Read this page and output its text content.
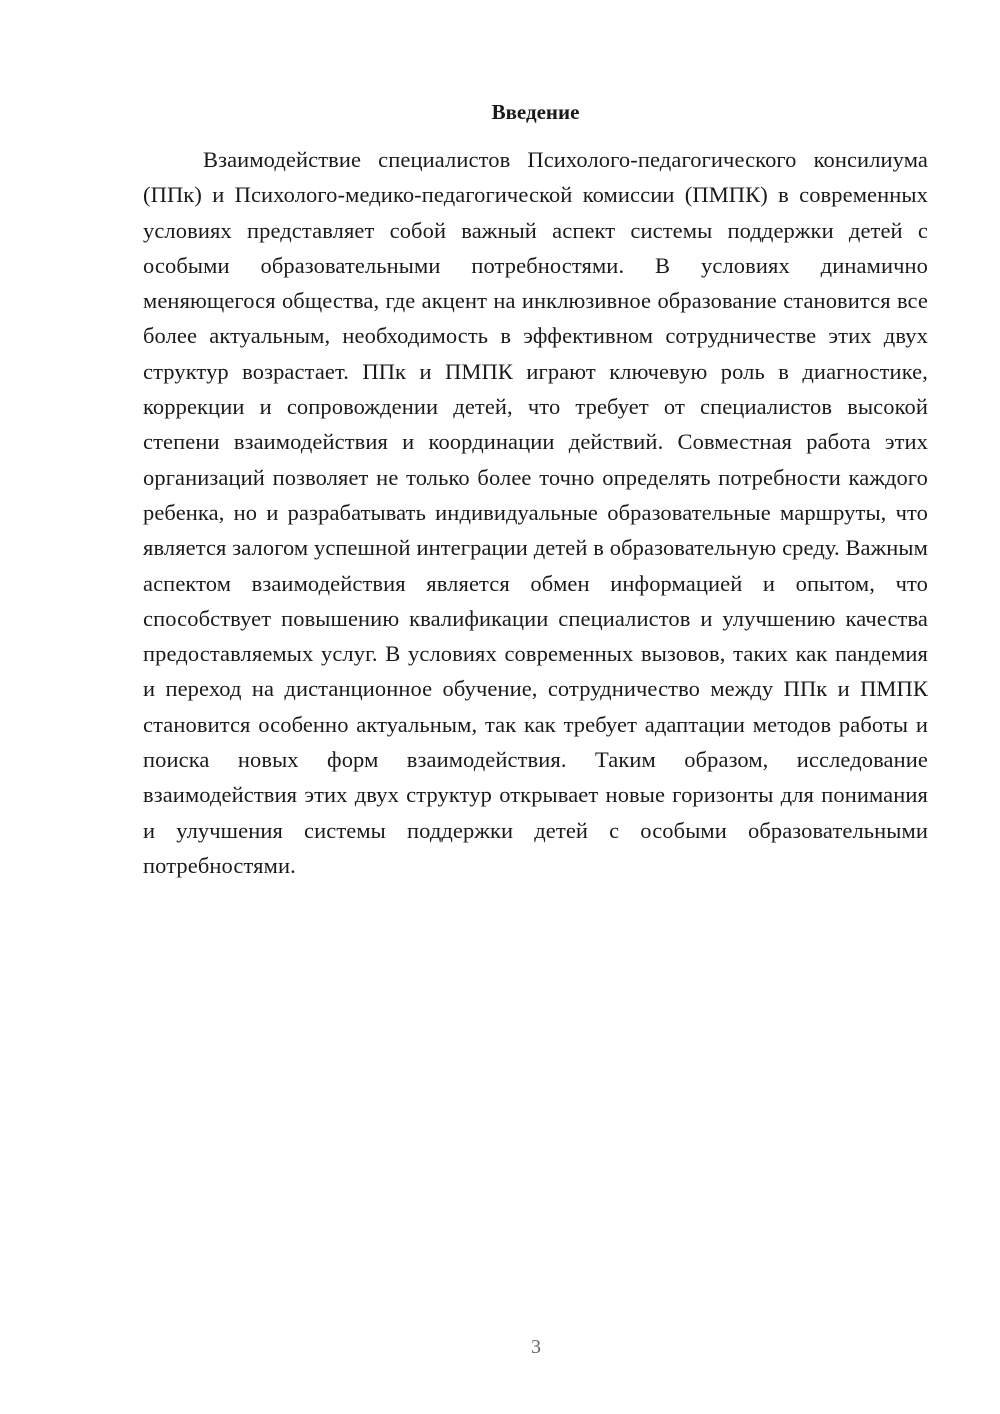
Введение

Взаимодействие специалистов Психолого-педагогического консилиума (ППк) и Психолого-медико-педагогической комиссии (ПМПК) в современных условиях представляет собой важный аспект системы поддержки детей с особыми образовательными потребностями. В условиях динамично меняющегося общества, где акцент на инклюзивное образование становится все более актуальным, необходимость в эффективном сотрудничестве этих двух структур возрастает. ППк и ПМПК играют ключевую роль в диагностике, коррекции и сопровождении детей, что требует от специалистов высокой степени взаимодействия и координации действий. Совместная работа этих организаций позволяет не только более точно определять потребности каждого ребенка, но и разрабатывать индивидуальные образовательные маршруты, что является залогом успешной интеграции детей в образовательную среду. Важным аспектом взаимодействия является обмен информацией и опытом, что способствует повышению квалификации специалистов и улучшению качества предоставляемых услуг. В условиях современных вызовов, таких как пандемия и переход на дистанционное обучение, сотрудничество между ППк и ПМПК становится особенно актуальным, так как требует адаптации методов работы и поиска новых форм взаимодействия. Таким образом, исследование взаимодействия этих двух структур открывает новые горизонты для понимания и улучшения системы поддержки детей с особыми образовательными потребностями.

3
